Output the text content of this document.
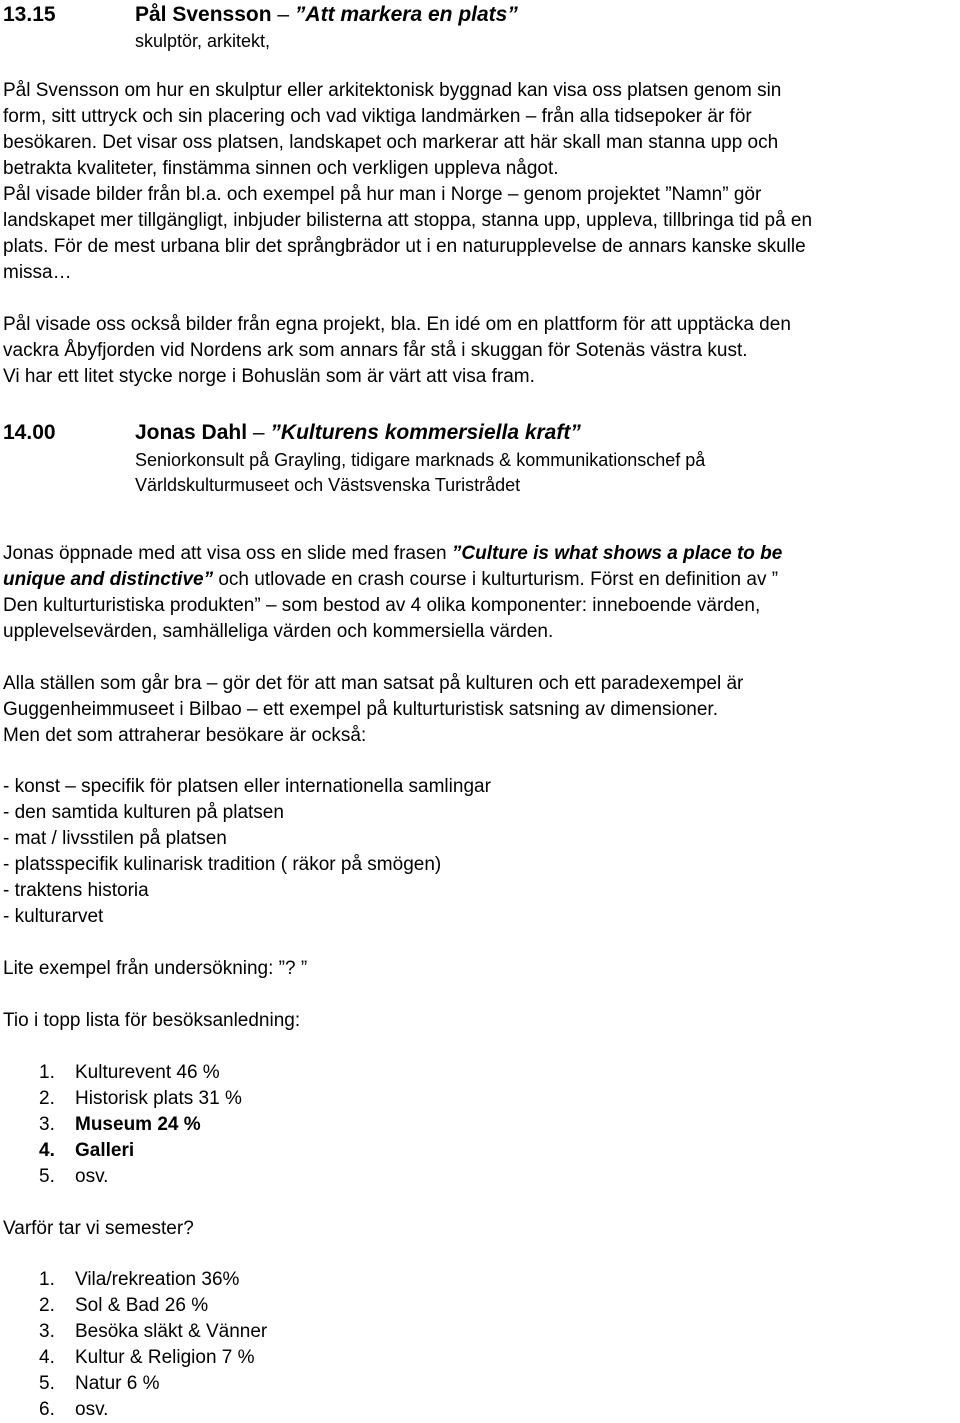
13.15	Pål Svensson – ”Att markera en plats”
skulptör, arkitekt,
Pål Svensson om hur en skulptur eller arkitektonisk byggnad kan visa oss platsen genom sin
form, sitt uttryck och sin placering och vad viktiga landmärken – från alla tidsepoker är för
besökaren. Det visar oss platsen, landskapet och markerar att här skall man stanna upp och
betrakta kvaliteter, finstämma sinnen och verkligen uppleva något.
Pål visade bilder från bl.a. och exempel på hur man i Norge – genom projektet ”Namn” gör
landskapet mer tillgängligt, inbjuder bilisterna att stoppa, stanna upp, uppleva, tillbringa tid på en
plats. För de mest urbana blir det språngbrädor ut i en naturupplevelse de annars kanske skulle
missa…
Pål visade oss också bilder från egna projekt, bla. En idé om en plattform för att upptäcka den
vackra Åbyfjorden vid Nordens ark som annars får stå i skuggan för Sotenäs västra kust.
Vi har ett litet stycke norge i Bohuslän som är värt att visa fram.
14.00	Jonas Dahl – ”Kulturens kommersiella kraft”
Seniorkonsult på Grayling, tidigare marknads & kommunikationschef på
Världskulturmuseet och Västsvenska Turistrådet
Jonas öppnade med att visa oss en slide med frasen ”Culture is what shows a place to be
unique and distinctive” och utlovade en crash course i kulturturism. Först en definition av ”
Den kulturturistiska produkten” – som bestod av 4 olika komponenter: inneboende värden,
upplevelsevärden, samhälleliga värden och kommersiella värden.
Alla ställen som går bra – gör det för att man satsat på kulturen och ett paradexempel är
Guggenheimmuseet i Bilbao – ett exempel på kulturturistisk satsning av dimensioner.
Men det som attraherar besökare är också:
- konst – specifik för platsen eller internationella samlingar
- den samtida kulturen på platsen
- mat / livsstilen på platsen
- platsspecifik kulinarisk tradition ( räkor på smögen)
- traktens historia
- kulturarvet
Lite exempel från undersökning: ”? ”
Tio i topp lista för besöksanledning:
1. Kulturevent 46 %
2. Historisk plats 31 %
3. Museum 24 %
4. Galleri
5. osv.
Varför tar vi semester?
1. Vila/rekreation 36%
2. Sol & Bad 26 %
3. Besöka släkt & Vänner
4. Kultur & Religion 7 %
5. Natur 6 %
6. osv.
